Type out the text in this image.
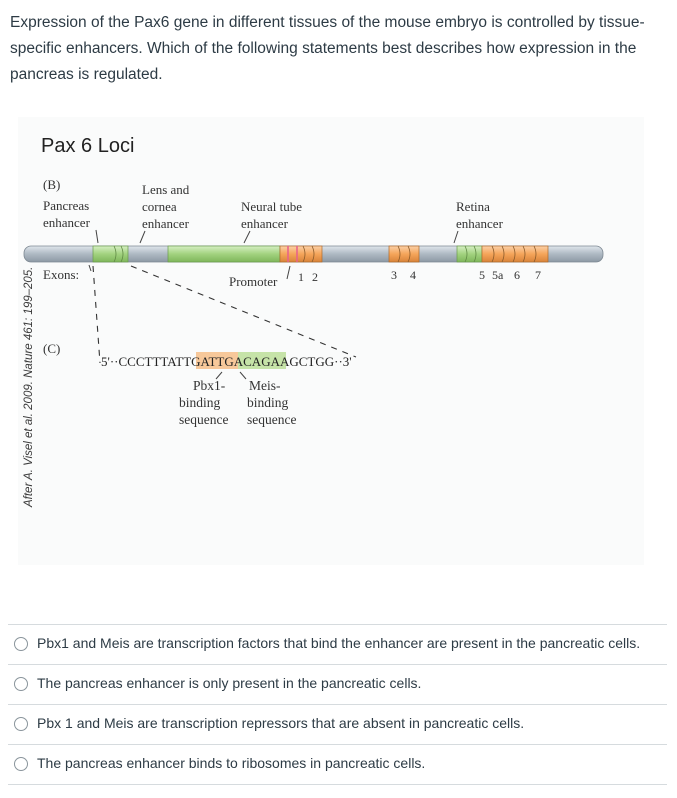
Expression of the Pax6 gene in different tissues of the mouse embryo is controlled by tissue-specific enhancers. Which of the following statements best describes how expression in the pancreas is regulated.
After A. Visel et al. 2009. Nature 461: 199–205.
Pax 6 Loci
(B)
Pancreas
enhancer
Lens and
cornea
enhancer
Neural tube
enhancer
Retina
enhancer
Exons:	Promoter 1 2	3 4	5 5a 6 7
(C)
5'··CCCTTTATTGATTGACAGAAGCTGG··3'
Pbx1-
binding
sequence
Meis-
binding
sequence
Pbx1 and Meis are transcription factors that bind the enhancer are present in the pancreatic cells.
The pancreas enhancer is only present in the pancreatic cells.
Pbx 1 and Meis are transcription repressors that are absent in pancreatic cells.
The pancreas enhancer binds to ribosomes in pancreatic cells.
